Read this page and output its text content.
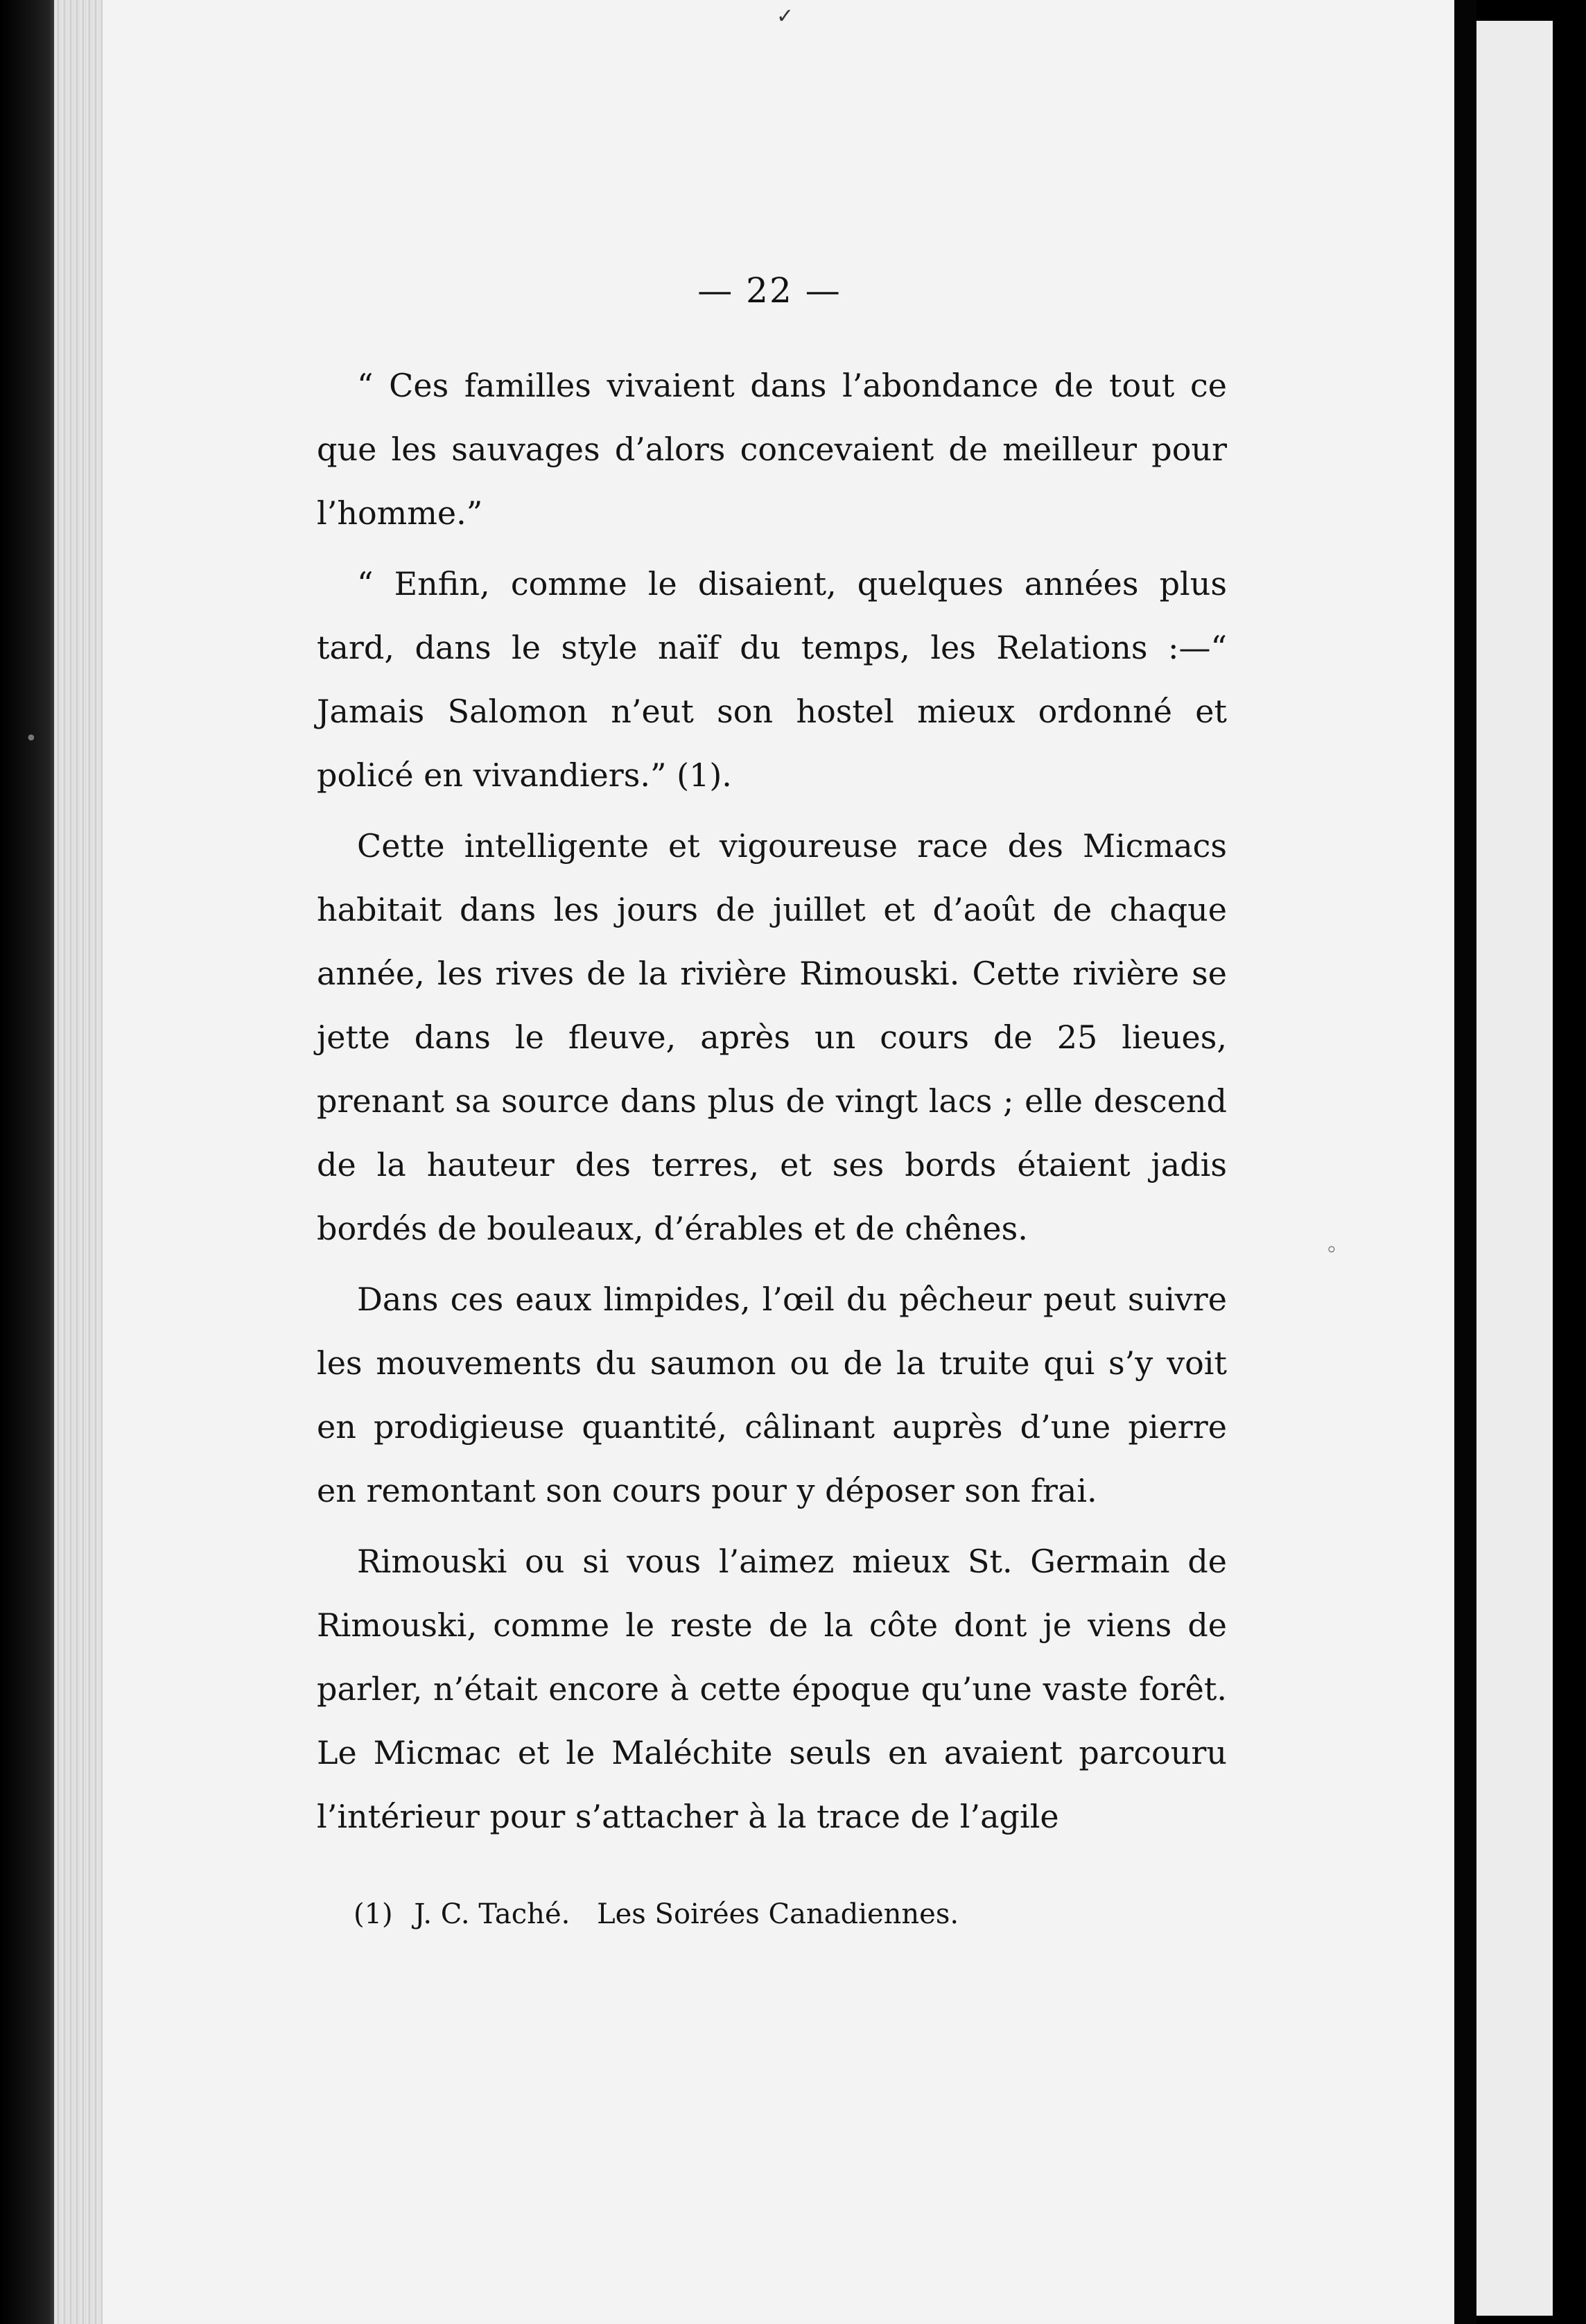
✓
•
◦
— 22 —

“ Ces familles vivaient dans l’abondance de tout ce que les sauvages d’alors concevaient de meilleur pour l’homme.”

“ Enfin, comme le disaient, quelques années plus tard, dans le style naïf du temps, les Relations :—“ Jamais Salomon n’eut son hostel mieux ordonné et policé en vivandiers.” (1).

Cette intelligente et vigoureuse race des Micmacs habitait dans les jours de juillet et d’août de chaque année, les rives de la rivière Rimouski. Cette rivière se jette dans le fleuve, après un cours de 25 lieues, prenant sa source dans plus de vingt lacs ; elle descend de la hauteur des terres, et ses bords étaient jadis bordés de bouleaux, d’érables et de chênes.

Dans ces eaux limpides, l’œil du pêcheur peut suivre les mouvements du saumon ou de la truite qui s’y voit en prodigieuse quantité, câlinant auprès d’une pierre en remontant son cours pour y déposer son frai.

Rimouski ou si vous l’aimez mieux St. Germain de Rimouski, comme le reste de la côte dont je viens de parler, n’était encore à cette époque qu’une vaste forêt. Le Micmac et le Maléchite seuls en avaient parcouru l’intérieur pour s’attacher à la trace de l’agile

(1) J. C. Taché. Les Soirées Canadiennes.
